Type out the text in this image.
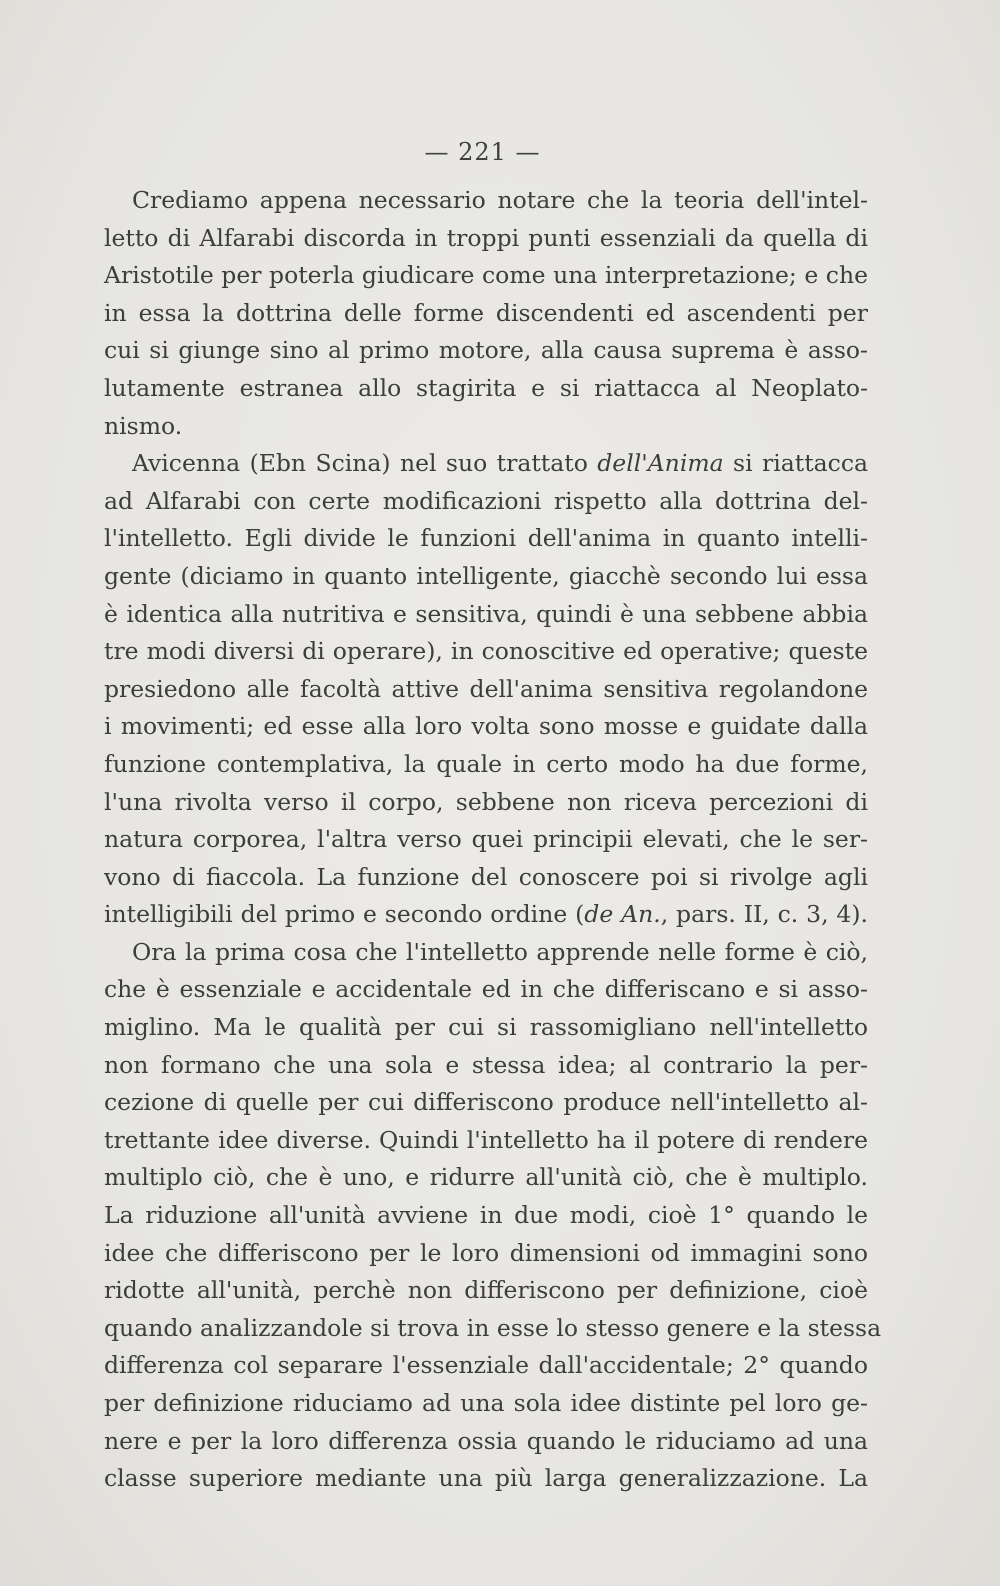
— 221 —
Crediamo appena necessario notare che la teoria dell'intel-
letto di Alfarabi discorda in troppi punti essenziali da quella di
Aristotile per poterla giudicare come una interpretazione; e che
in essa la dottrina delle forme discendenti ed ascendenti per
cui si giunge sino al primo motore, alla causa suprema è asso-
lutamente estranea allo stagirita e si riattacca al Neoplato-
nismo.
Avicenna (Ebn Scina) nel suo trattato dell'Anima si riattacca
ad Alfarabi con certe modificazioni rispetto alla dottrina del-
l'intelletto. Egli divide le funzioni dell'anima in quanto intelli-
gente (diciamo in quanto intelligente, giacchè secondo lui essa
è identica alla nutritiva e sensitiva, quindi è una sebbene abbia
tre modi diversi di operare), in conoscitive ed operative; queste
presiedono alle facoltà attive dell'anima sensitiva regolandone
i movimenti; ed esse alla loro volta sono mosse e guidate dalla
funzione contemplativa, la quale in certo modo ha due forme,
l'una rivolta verso il corpo, sebbene non riceva percezioni di
natura corporea, l'altra verso quei principii elevati, che le ser-
vono di fiaccola. La funzione del conoscere poi si rivolge agli
intelligibili del primo e secondo ordine (de An., pars. II, c. 3, 4).
Ora la prima cosa che l'intelletto apprende nelle forme è ciò,
che è essenziale e accidentale ed in che differiscano e si asso-
miglino. Ma le qualità per cui si rassomigliano nell'intelletto
non formano che una sola e stessa idea; al contrario la per-
cezione di quelle per cui differiscono produce nell'intelletto al-
trettante idee diverse. Quindi l'intelletto ha il potere di rendere
multiplo ciò, che è uno, e ridurre all'unità ciò, che è multiplo.
La riduzione all'unità avviene in due modi, cioè 1° quando le
idee che differiscono per le loro dimensioni od immagini sono
ridotte all'unità, perchè non differiscono per definizione, cioè
quando analizzandole si trova in esse lo stesso genere e la stessa
differenza col separare l'essenziale dall'accidentale; 2° quando
per definizione riduciamo ad una sola idee distinte pel loro ge-
nere e per la loro differenza ossia quando le riduciamo ad una
classe superiore mediante una più larga generalizzazione. La
